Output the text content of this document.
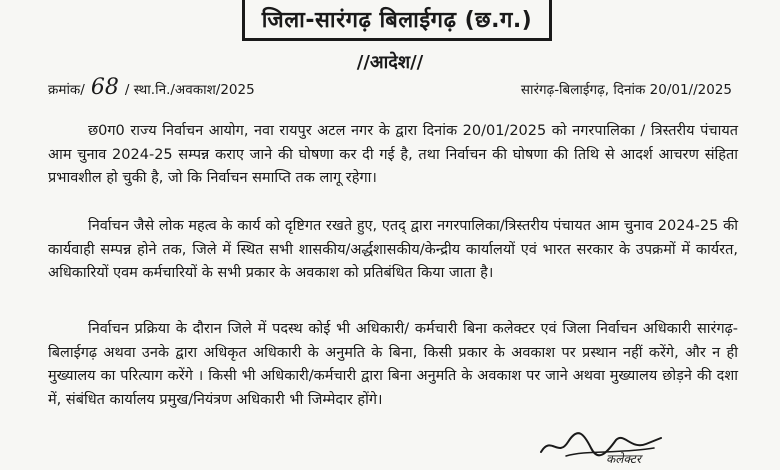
जिला-सारंगढ़ बिलाईगढ़ (छ.ग.)
//आदेश//
क्रमांक/ 68 / स्था.नि./अवकाश/2025	सारंगढ़-बिलाईगढ़, दिनांक 20/01//2025

छ0ग0 राज्य निर्वाचन आयोग, नवा रायपुर अटल नगर के द्वारा दिनांक 20/01/2025 को नगरपालिका / त्रिस्तरीय पंचायत आम चुनाव 2024-25 सम्पन्न कराए जाने की घोषणा कर दी गई है, तथा निर्वाचन की घोषणा की तिथि से आदर्श आचरण संहिता प्रभावशील हो चुकी है, जो कि निर्वाचन समाप्ति तक लागू रहेगा।

निर्वाचन जैसे लोक महत्व के कार्य को दृष्टिगत रखते हुए, एतद् द्वारा नगरपालिका/त्रिस्तरीय पंचायत आम चुनाव 2024-25 की कार्यवाही सम्पन्न होने तक, जिले में स्थित सभी शासकीय/अर्द्धशासकीय/केन्द्रीय कार्यालयों एवं भारत सरकार के उपक्रमों में कार्यरत, अधिकारियों एवम कर्मचारियों के सभी प्रकार के अवकाश को प्रतिबंधित किया जाता है।

निर्वाचन प्रक्रिया के दौरान जिले में पदस्थ कोई भी अधिकारी/ कर्मचारी बिना कलेक्टर एवं जिला निर्वाचन अधिकारी सारंगढ़-बिलाईगढ़ अथवा उनके द्वारा अधिकृत अधिकारी के अनुमति के बिना, किसी प्रकार के अवकाश पर प्रस्थान नहीं करेंगे, और न ही मुख्यालय का परित्याग करेंगे । किसी भी अधिकारी/कर्मचारी द्वारा बिना अनुमति के अवकाश पर जाने अथवा मुख्यालय छोड़ने की दशा में, संबंधित कार्यालय प्रमुख/नियंत्रण अधिकारी भी जिम्मेदार होंगे।

कलेक्टर
